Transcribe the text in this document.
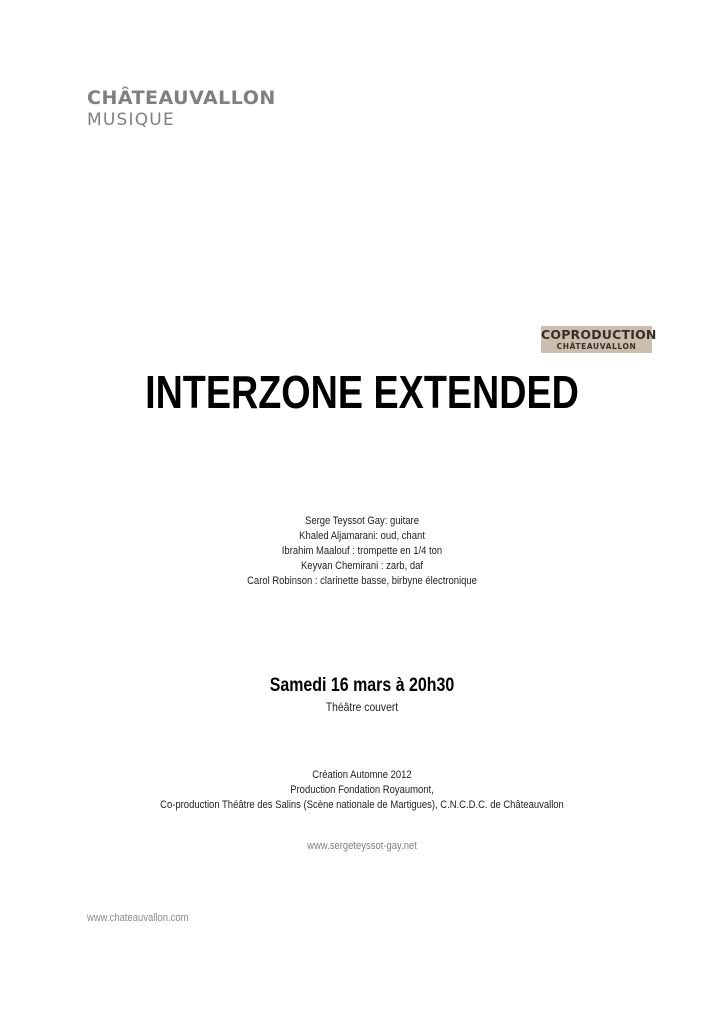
CHÂTEAUVALLON
MUSIQUE
COPRODUCTION
CHÂTEAUVALLON
INTERZONE EXTENDED
Serge Teyssot Gay: guitare
Khaled Aljamarani: oud, chant
Ibrahim Maalouf : trompette en 1/4 ton
Keyvan Chemirani : zarb, daf
Carol Robinson : clarinette basse, birbyne électronique
Samedi 16 mars à 20h30
Théâtre couvert
Création Automne 2012
Production Fondation Royaumont,
Co-production Théâtre des Salins (Scène nationale de Martigues), C.N.C.D.C. de Châteauvallon
www.sergeteyssot-gay.net
www.chateauvallon.com
